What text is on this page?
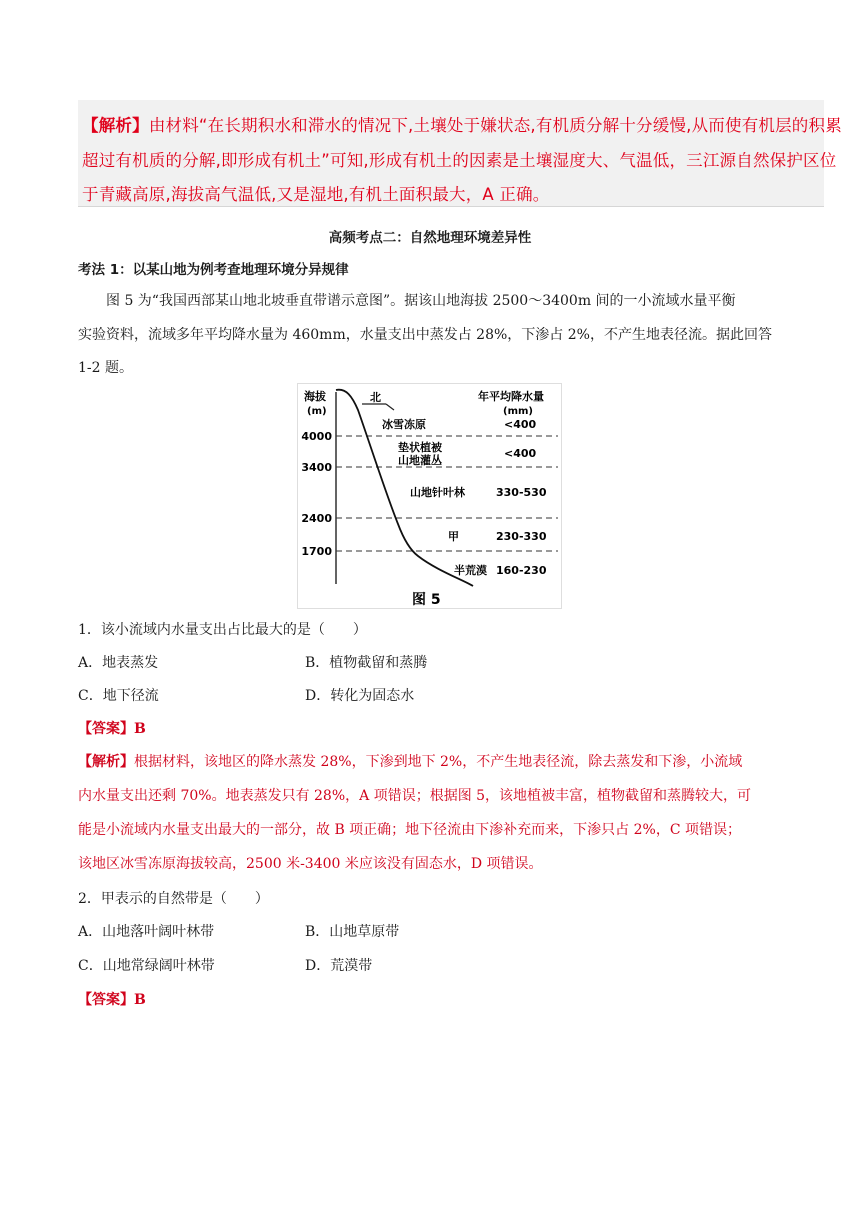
【解析】由材料“在长期积水和滞水的情况下,土壤处于嫌状态,有机质分解十分缓慢,从而使有机层的积累
超过有机质的分解,即形成有机土”可知,形成有机土的因素是土壤湿度大、气温低，三江源自然保护区位
于青藏高原,海拔高气温低,又是湿地,有机土面积最大，A 正确。
高频考点二：自然地理环境差异性
考法 1：以某山地为例考查地理环境分异规律
图 5 为“我国西部某山地北坡垂直带谱示意图”。据该山地海拔 2500～3400m 间的一小流域水量平衡
实验资料，流域多年平均降水量为 460mm，水量支出中蒸发占 28%，下渗占 2%，不产生地表径流。据此回答
1-2 题。
海拔
(m)
北	年平均降水量
(mm)
4000
3400
2400
1700
冰雪冻原
垫状植被
山地灌丛
山地针叶林
甲
半荒漠
<400
<400
330-530
230-330
160-230
图 5
1．该小流域内水量支出占比最大的是（　　）
A．地表蒸发	B．植物截留和蒸腾
C．地下径流	D．转化为固态水
【答案】B
【解析】根据材料，该地区的降水蒸发 28%，下渗到地下 2%，不产生地表径流，除去蒸发和下渗，小流域
内水量支出还剩 70%。地表蒸发只有 28%，A 项错误；根据图 5，该地植被丰富，植物截留和蒸腾较大，可
能是小流域内水量支出最大的一部分，故 B 项正确；地下径流由下渗补充而来，下渗只占 2%，C 项错误；
该地区冰雪冻原海拔较高，2500 米-3400 米应该没有固态水，D 项错误。
2．甲表示的自然带是（　　）
A．山地落叶阔叶林带	B．山地草原带
C．山地常绿阔叶林带	D．荒漠带
【答案】B
